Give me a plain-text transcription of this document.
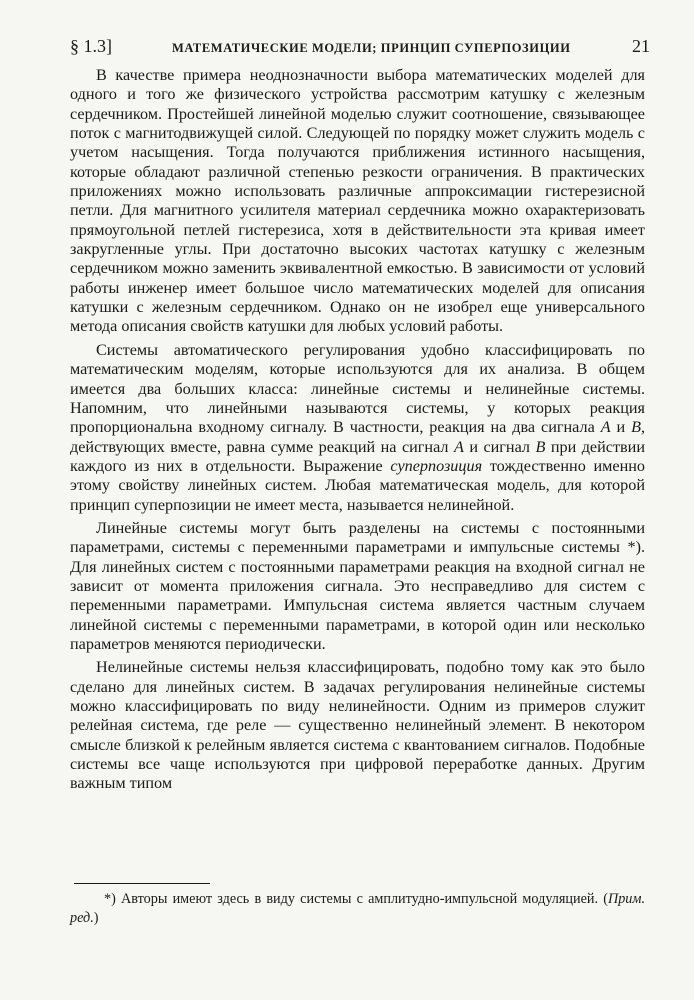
§ 1.3]	МАТЕМАТИЧЕСКИЕ МОДЕЛИ; ПРИНЦИП СУПЕРПОЗИЦИИ	21

В качестве примера неоднозначности выбора математических моделей для одного и того же физического устройства рассмотрим катушку с железным сердечником. Простейшей линейной моделью служит соотношение, связывающее поток с магнитодвижущей силой. Следующей по порядку может служить модель с учетом насыщения. Тогда получаются приближения истинного насыщения, которые обладают различной степенью резкости ограничения. В практических приложениях можно использовать различные аппроксимации гистерезисной петли. Для магнитного усилителя материал сердечника можно охарактеризовать прямоугольной петлей гистерезиса, хотя в действительности эта кривая имеет закругленные углы. При достаточно высоких частотах катушку с железным сердечником можно заменить эквивалентной емкостью. В зависимости от условий работы инженер имеет большое число математических моделей для описания катушки с железным сердечником. Однако он не изобрел еще универсального метода описания свойств катушки для любых условий работы.

Системы автоматического регулирования удобно классифицировать по математическим моделям, которые используются для их анализа. В общем имеется два больших класса: линейные системы и нелинейные системы. Напомним, что линейными называются системы, у которых реакция пропорциональна входному сигналу. В частности, реакция на два сигнала A и B, действующих вместе, равна сумме реакций на сигнал A и сигнал B при действии каждого из них в отдельности. Выражение суперпозиция тождественно именно этому свойству линейных систем. Любая математическая модель, для которой принцип суперпозиции не имеет места, называется нелинейной.

Линейные системы могут быть разделены на системы с постоянными параметрами, системы с переменными параметрами и импульсные системы *). Для линейных систем с постоянными параметрами реакция на входной сигнал не зависит от момента приложения сигнала. Это несправедливо для систем с переменными параметрами. Импульсная система является частным случаем линейной системы с переменными параметрами, в которой один или несколько параметров меняются периодически.

Нелинейные системы нельзя классифицировать, подобно тому как это было сделано для линейных систем. В задачах регулирования нелинейные системы можно классифицировать по виду нелинейности. Одним из примеров служит релейная система, где реле — существенно нелинейный элемент. В некотором смысле близкой к релейным является система с квантованием сигналов. Подобные системы все чаще используются при цифровой переработке данных. Другим важным типом

*) Авторы имеют здесь в виду системы с амплитудно-импульсной модуляцией. (Прим. ред.)
